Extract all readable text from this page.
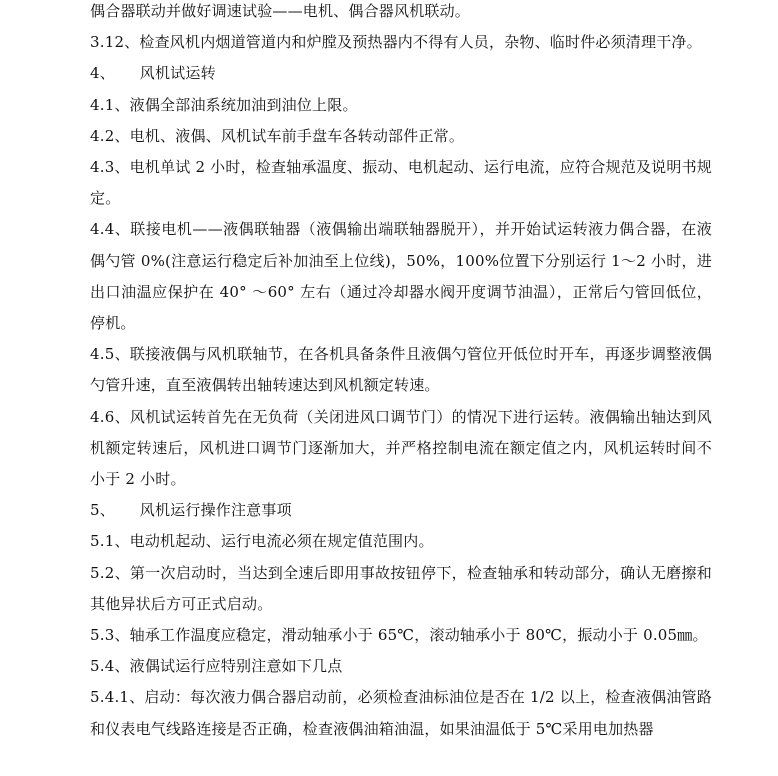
偶合器联动并做好调速试验——电机、偶合器风机联动。

3.12、检查风机内烟道管道内和炉膛及预热器内不得有人员，杂物、临时件必须清理干净。

4、     风机试运转

4.1、液偶全部油系统加油到油位上限。

4.2、电机、液偶、风机试车前手盘车各转动部件正常。

4.3、电机单试 2 小时，检查轴承温度、振动、电机起动、运行电流，应符合规范及说明书规定。

4.4、联接电机——液偶联轴器（液偶输出端联轴器脱开），并开始试运转液力偶合器，在液偶勺管 0%(注意运行稳定后补加油至上位线)，50%，100%位置下分别运行 1～2 小时，进出口油温应保护在 40° ～60° 左右（通过冷却器水阀开度调节油温），正常后勺管回低位，停机。

4.5、联接液偶与风机联轴节，在各机具备条件且液偶勺管位开低位时开车，再逐步调整液偶勺管升速，直至液偶转出轴转速达到风机额定转速。

4.6、风机试运转首先在无负荷（关闭进风口调节门）的情况下进行运转。液偶输出轴达到风机额定转速后，风机进口调节门逐渐加大，并严格控制电流在额定值之内，风机运转时间不小于 2 小时。

5、     风机运行操作注意事项

5.1、电动机起动、运行电流必须在规定值范围内。

5.2、第一次启动时，当达到全速后即用事故按钮停下，检查轴承和转动部分，确认无磨擦和其他异状后方可正式启动。

5.3、轴承工作温度应稳定，滑动轴承小于 65℃，滚动轴承小于 80℃，振动小于 0.05㎜。

5.4、液偶试运行应特别注意如下几点

5.4.1、启动：每次液力偶合器启动前，必须检查油标油位是否在 1/2 以上，检查液偶油管路和仪表电气线路连接是否正确，检查液偶油箱油温，如果油温低于 5℃采用电加热器
